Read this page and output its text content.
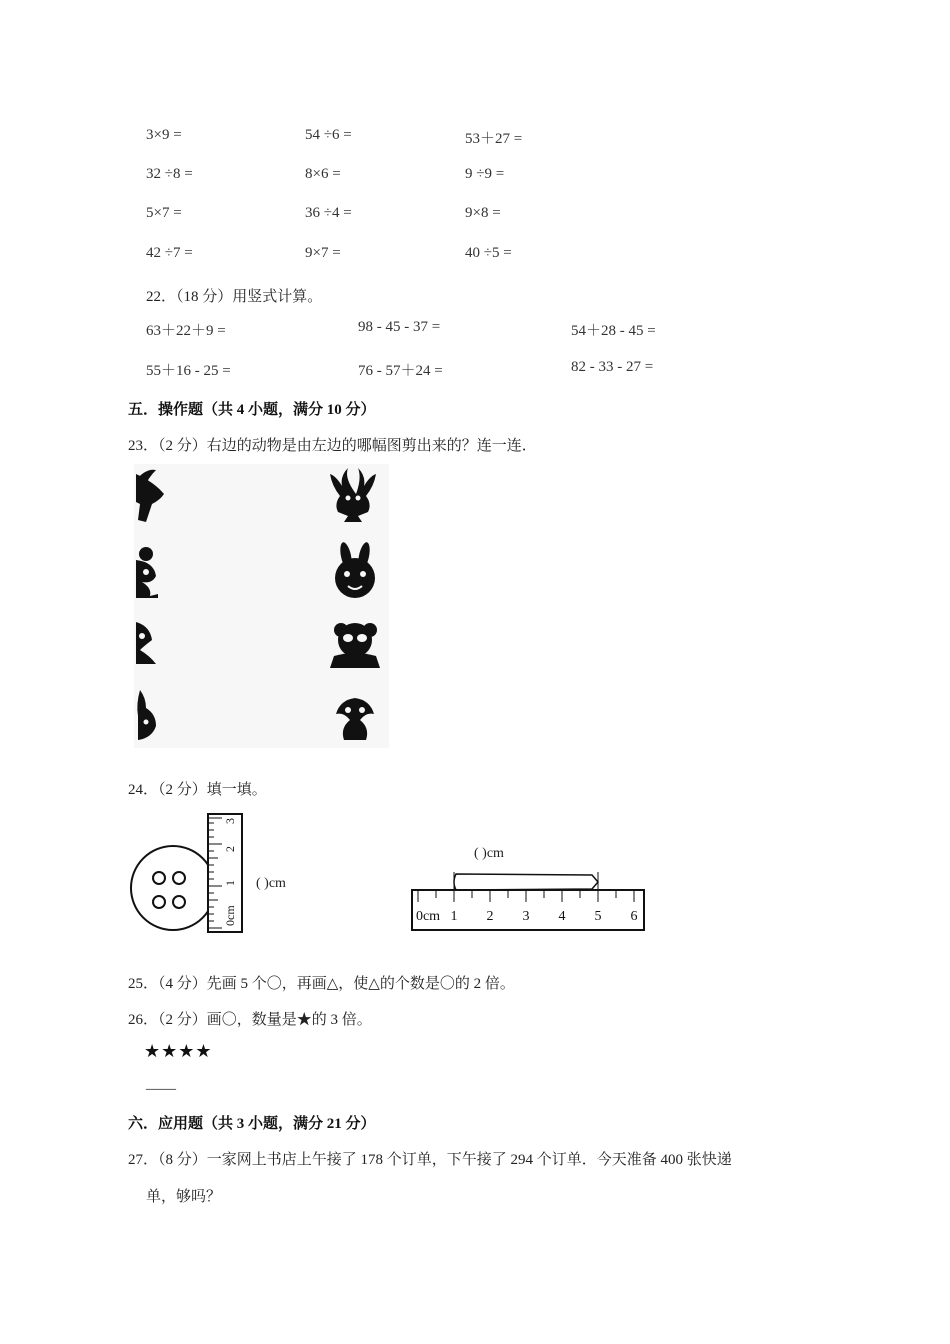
3×9 =	54 ÷6 =	53＋27 =
32 ÷8 =	8×6 =	9 ÷9 =
5×7 =	36 ÷4 =	9×8 =
42 ÷7 =	9×7 =	40 ÷5 =
22．（18 分）用竖式计算。
63＋22＋9 =	98 - 45 - 37 =	54＋28 - 45 =
55＋16 - 25 =	76 - 57＋24 =	82 - 33 - 27 =
五．操作题（共 4 小题，满分 10 分）
23．（2 分）右边的动物是由左边的哪幅图剪出来的？连一连．
24．（2 分）填一填。
0cm
1
2
3
( )cm
( )cm
0cm 1 2 3 4 5 6
25．（4 分）先画 5 个〇，再画△，使△的个数是〇的 2 倍。
26．（2 分）画〇，数量是★的 3 倍。
★★★★
____
六．应用题（共 3 小题，满分 21 分）
27．（8 分）一家网上书店上午接了 178 个订单，下午接了 294 个订单．今天准备 400 张快递
单，够吗？
